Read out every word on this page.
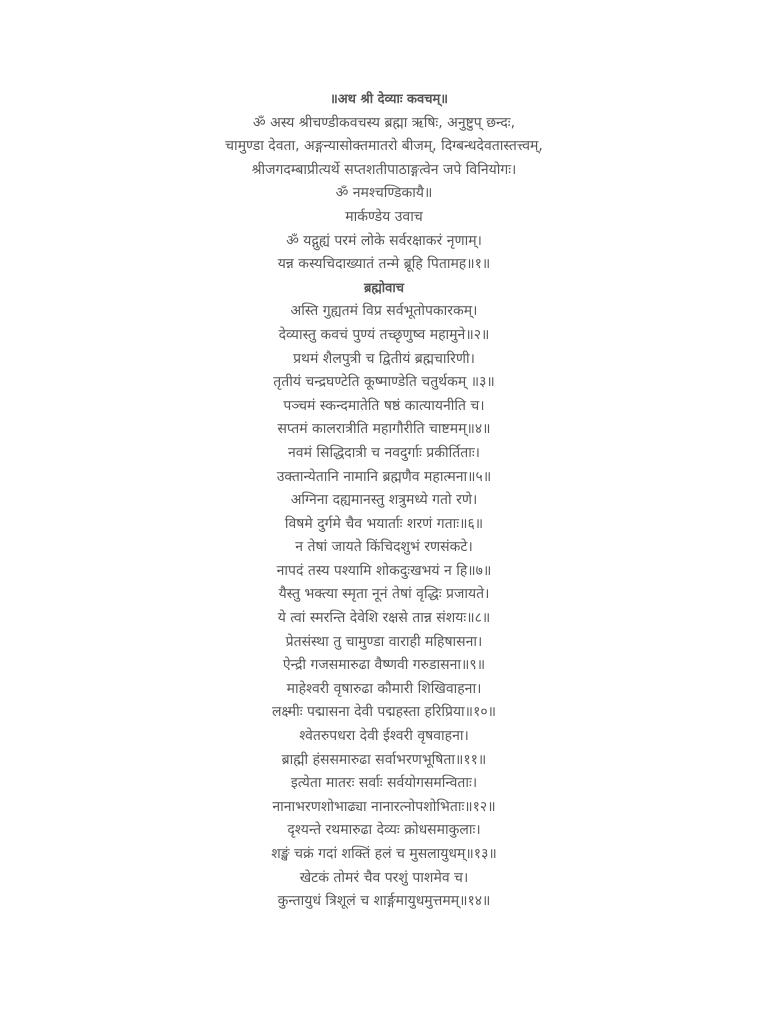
॥अथ श्री देव्याः कवचम्॥
ॐ अस्य श्रीचण्डीकवचस्य ब्रह्मा ऋषिः, अनुष्टुप् छन्दः,
चामुण्डा देवता, अङ्गन्यासोक्तमातरो बीजम्, दिग्बन्धदेवतास्तत्त्वम्,
श्रीजगदम्बाप्रीत्यर्थे सप्तशतीपाठाङ्गत्वेन जपे विनियोगः।
ॐ नमश्चण्डिकायै॥
मार्कण्डेय उवाच
ॐ यद्गुह्यं परमं लोके सर्वरक्षाकरं नृणाम्।
यन्न कस्यचिदाख्यातं तन्मे ब्रूहि पितामह॥१॥
ब्रह्मोवाच
अस्ति गुह्यतमं विप्र सर्वभूतोपकारकम्।
देव्यास्तु कवचं पुण्यं तच्छृणुष्व महामुने॥२॥
प्रथमं शैलपुत्री च द्वितीयं ब्रह्मचारिणी।
तृतीयं चन्द्रघण्टेति कूष्माण्डेति चतुर्थकम् ॥३॥
पञ्चमं स्कन्दमातेति षष्ठं कात्यायनीति च।
सप्तमं कालरात्रीति महागौरीति चाष्टमम्॥४॥
नवमं सिद्धिदात्री च नवदुर्गाः प्रकीर्तिताः।
उक्तान्येतानि नामानि ब्रह्मणैव महात्मना॥५॥
अग्निना दह्यमानस्तु शत्रुमध्ये गतो रणे।
विषमे दुर्गमे चैव भयार्ताः शरणं गताः॥६॥
न तेषां जायते किंचिदशुभं रणसंकटे।
नापदं तस्य पश्यामि शोकदुःखभयं न हि॥७॥
यैस्तु भक्त्या स्मृता नूनं तेषां वृद्धिः प्रजायते।
ये त्वां स्मरन्ति देवेशि रक्षसे तान्न संशयः॥८॥
प्रेतसंस्था तु चामुण्डा वाराही महिषासना।
ऐन्द्री गजसमारुढा वैष्णवी गरुडासना॥९॥
माहेश्वरी वृषारुढा कौमारी शिखिवाहना।
लक्ष्मीः पद्मासना देवी पद्महस्ता हरिप्रिया॥१०॥
श्वेतरुपधरा देवी ईश्वरी वृषवाहना।
ब्राह्मी हंससमारुढा सर्वाभरणभूषिता॥११॥
इत्येता मातरः सर्वाः सर्वयोगसमन्विताः।
नानाभरणशोभाढ्या नानारत्नोपशोभिताः॥१२॥
दृश्यन्ते रथमारुढा देव्यः क्रोधसमाकुलाः।
शङ्खं चक्रं गदां शक्तिं हलं च मुसलायुधम्॥१३॥
खेटकं तोमरं चैव परशुं पाशमेव च।
कुन्तायुधं त्रिशूलं च शार्ङ्गमायुधमुत्तमम्॥१४॥
